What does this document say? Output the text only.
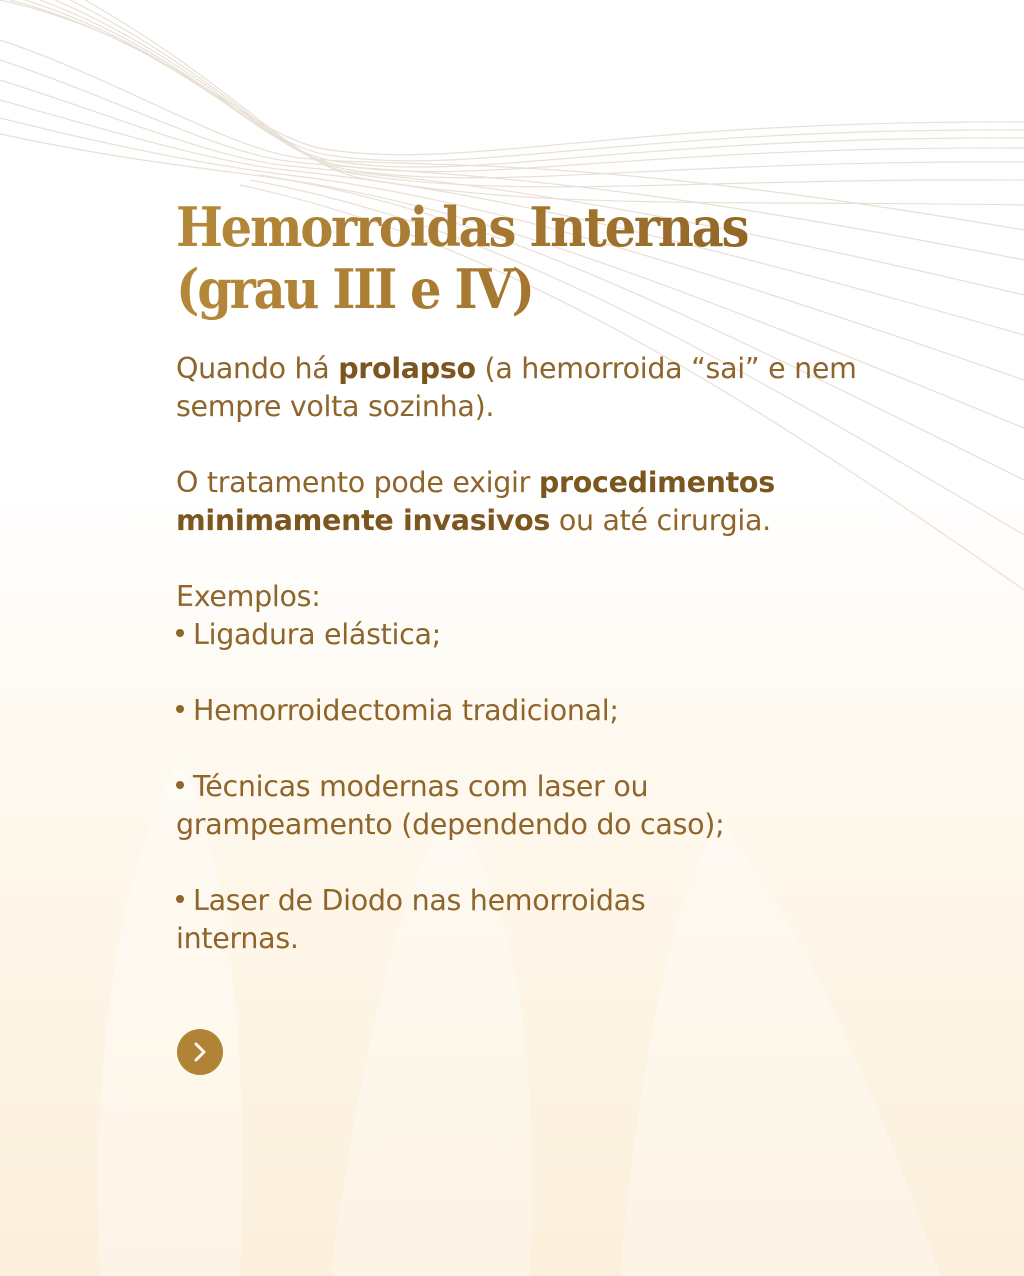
Hemorroidas Internas
(grau III e IV)

Quando há prolapso (a hemorroida “sai” e nem sempre volta sozinha).

O tratamento pode exigir procedimentos minimamente invasivos ou até cirurgia.

Exemplos:

Ligadura elástica;
Hemorroidectomia tradicional;
Técnicas modernas com laser ou grampeamento (dependendo do caso);
Laser de Diodo nas hemorroidas internas.
